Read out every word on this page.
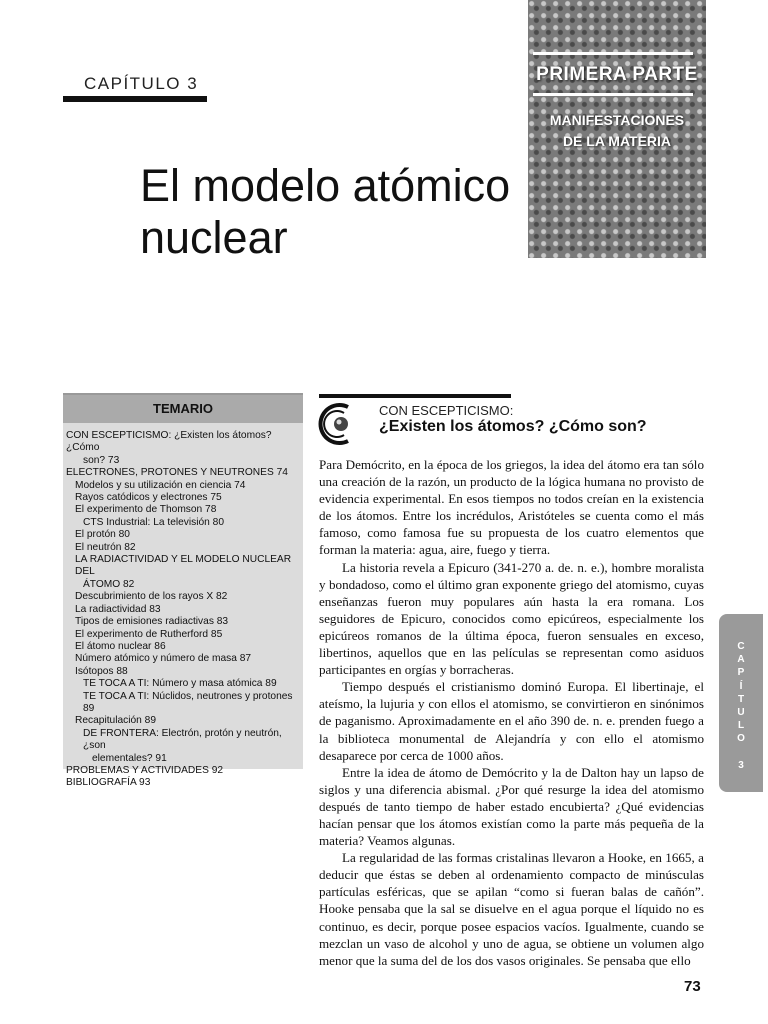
CAPÍTULO 3
El modelo atómico
nuclear
PRIMERA PARTE
MANIFESTACIONES
DE LA MATERIA
TEMARIO
CON ESCEPTICISMO: ¿Existen los átomos? ¿Cómo
son? 73
ELECTRONES, PROTONES Y NEUTRONES 74
Modelos y su utilización en ciencia 74
Rayos catódicos y electrones 75
El experimento de Thomson 78
CTS Industrial: La televisión 80
El protón 80
El neutrón 82
LA RADIACTIVIDAD Y EL MODELO NUCLEAR DEL
ÁTOMO 82
Descubrimiento de los rayos X 82
La radiactividad 83
Tipos de emisiones radiactivas 83
El experimento de Rutherford 85
El átomo nuclear 86
Número atómico y número de masa 87
Isótopos 88
TE TOCA A TI: Número y masa atómica 89
TE TOCA A TI: Núclidos, neutrones y protones
89
Recapitulación 89
DE FRONTERA: Electrón, protón y neutrón, ¿son
elementales? 91
PROBLEMAS Y ACTIVIDADES 92
BIBLIOGRAFÍA 93
CON ESCEPTICISMO:
¿Existen los átomos? ¿Cómo son?

Para Demócrito, en la época de los griegos, la idea del átomo era tan sólo una creación de la razón, un producto de la lógica humana no provisto de evidencia experimental. En esos tiempos no todos creían en la existencia de los átomos. Entre los incrédulos, Aristóteles se cuenta como el más famoso, como famosa fue su propuesta de los cuatro elementos que forman la materia: agua, aire, fuego y tierra.

La historia revela a Epicuro (341-270 a. de. n. e.), hombre moralista y bondadoso, como el último gran exponente griego del atomismo, cuyas enseñanzas fueron muy populares aún hasta la era romana. Los seguidores de Epicuro, conocidos como epicúreos, especialmente los epicúreos romanos de la última época, fueron sensuales en exceso, libertinos, aquellos que en las películas se representan como asiduos participantes en orgías y borracheras.

Tiempo después el cristianismo dominó Europa. El libertinaje, el ateísmo, la lujuria y con ellos el atomismo, se convirtieron en sinónimos de paganismo. Aproximadamente en el año 390 de. n. e. prenden fuego a la biblioteca monumental de Alejandría y con ello el atomismo desaparece por cerca de 1000 años.

Entre la idea de átomo de Demócrito y la de Dalton hay un lapso de siglos y una diferencia abismal. ¿Por qué resurge la idea del atomismo después de tanto tiempo de haber estado encubierta? ¿Qué evidencias hacían pensar que los átomos existían como la parte más pequeña de la materia? Veamos algunas.

La regularidad de las formas cristalinas llevaron a Hooke, en 1665, a deducir que éstas se deben al ordenamiento compacto de minúsculas partículas esféricas, que se apilan “como si fueran balas de cañón”. Hooke pensaba que la sal se disuelve en el agua porque el líquido no es continuo, es decir, porque posee espacios vacíos. Igualmente, cuando se mezclan un vaso de alcohol y uno de agua, se obtiene un volumen algo menor que la suma del de los dos vasos originales. Se pensaba que ello

C
A
P
Í
T
U
L
O
3
73
